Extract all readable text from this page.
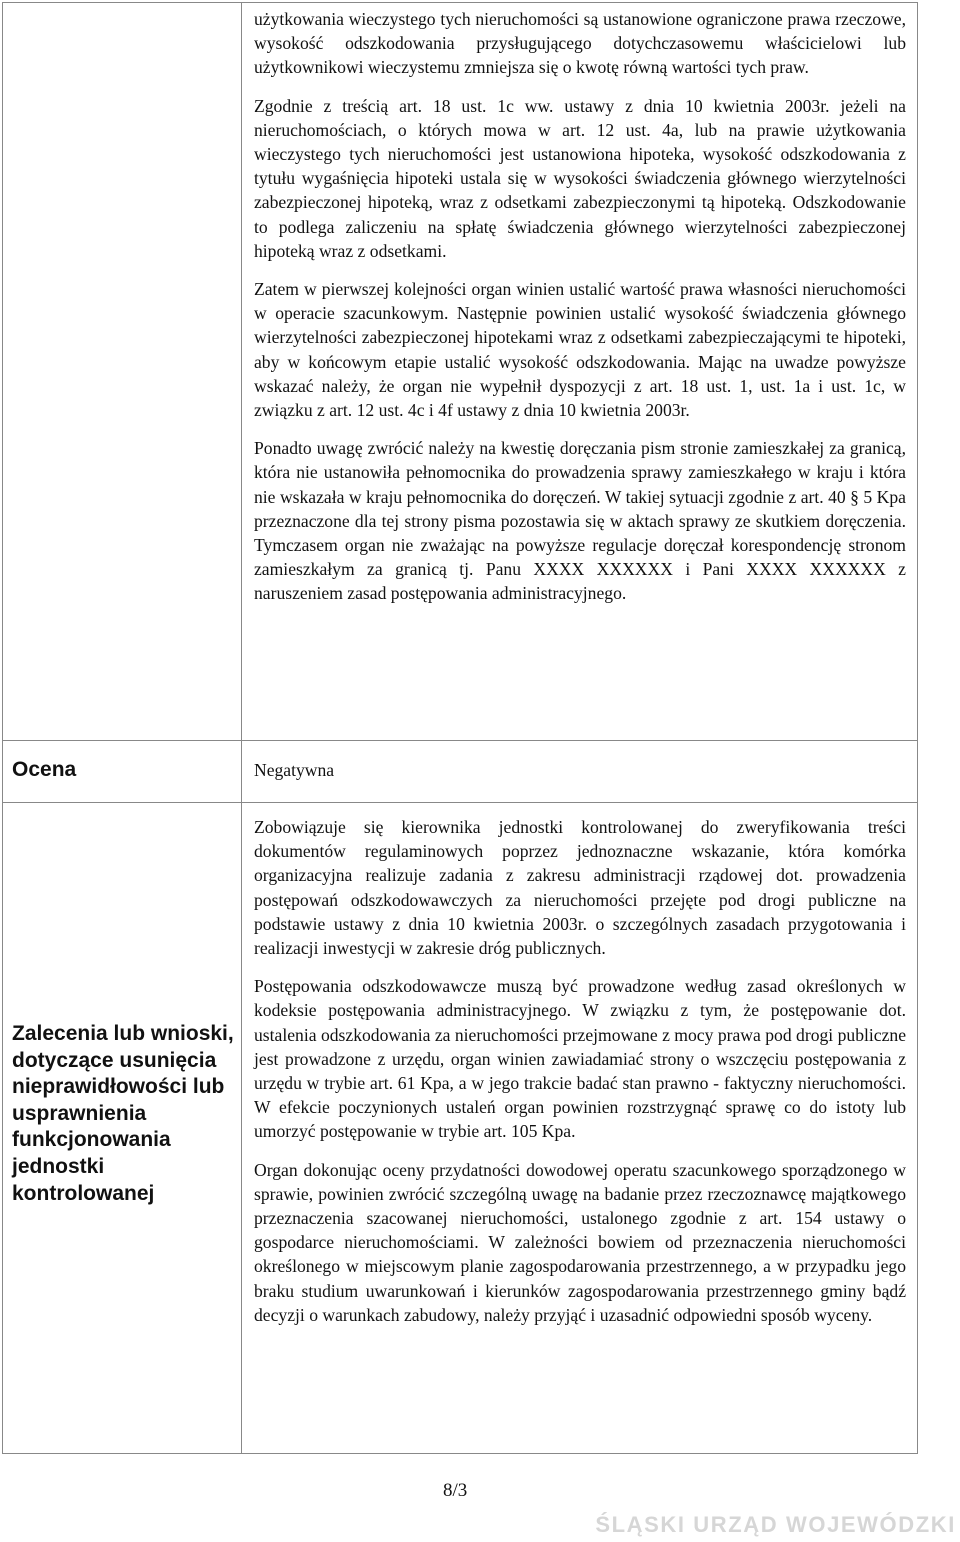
użytkowania wieczystego tych nieruchomości są ustanowione ograniczone prawa rzeczowe, wysokość odszkodowania przysługującego dotychczasowemu właścicielowi lub użytkownikowi wieczystemu zmniejsza się o kwotę równą wartości tych praw.

Zgodnie z treścią art. 18 ust. 1c ww. ustawy z dnia 10 kwietnia 2003r. jeżeli na nieruchomościach, o których mowa w art. 12 ust. 4a, lub na prawie użytkowania wieczystego tych nieruchomości jest ustanowiona hipoteka, wysokość odszkodowania z tytułu wygaśnięcia hipoteki ustala się w wysokości świadczenia głównego wierzytelności zabezpieczonej hipoteką, wraz z odsetkami zabezpieczonymi tą hipoteką. Odszkodowanie to podlega zaliczeniu na spłatę świadczenia głównego wierzytelności zabezpieczonej hipoteką wraz z odsetkami.

Zatem w pierwszej kolejności organ winien ustalić wartość prawa własności nieruchomości w operacie szacunkowym. Następnie powinien ustalić wysokość świadczenia głównego wierzytelności zabezpieczonej hipotekami wraz z odsetkami zabezpieczającymi te hipoteki, aby w końcowym etapie ustalić wysokość odszkodowania. Mając na uwadze powyższe wskazać należy, że organ nie wypełnił dyspozycji z art. 18 ust. 1, ust. 1a i ust. 1c, w związku z art. 12 ust. 4c i 4f ustawy z dnia 10 kwietnia 2003r.

Ponadto uwagę zwrócić należy na kwestię doręczania pism stronie zamieszkałej za granicą, która nie ustanowiła pełnomocnika do prowadzenia sprawy zamieszkałego w kraju i która nie wskazała w kraju pełnomocnika do doręczeń. W takiej sytuacji zgodnie z art. 40 § 5 Kpa przeznaczone dla tej strony pisma pozostawia się w aktach sprawy ze skutkiem doręczenia. Tymczasem organ nie zważając na powyższe regulacje doręczał korespondencję stronom zamieszkałym za granicą tj. Panu XXXX XXXXXX i Pani XXXX XXXXXX z naruszeniem zasad postępowania administracyjnego.

Ocena	Negatywna
Zalecenia lub wnioski, dotyczące usunięcia nieprawidłowości lub usprawnienia funkcjonowania jednostki kontrolowanej

Zobowiązuje się kierownika jednostki kontrolowanej do zweryfikowania treści dokumentów regulaminowych poprzez jednoznaczne wskazanie, która komórka organizacyjna realizuje zadania z zakresu administracji rządowej dot. prowadzenia postępowań odszkodowawczych za nieruchomości przejęte pod drogi publiczne na podstawie ustawy z dnia 10 kwietnia 2003r. o szczególnych zasadach przygotowania i realizacji inwestycji w zakresie dróg publicznych.

Postępowania odszkodowawcze muszą być prowadzone według zasad określonych w kodeksie postępowania administracyjnego. W związku z tym, że postępowanie dot. ustalenia odszkodowania za nieruchomości przejmowane z mocy prawa pod drogi publiczne jest prowadzone z urzędu, organ winien zawiadamiać strony o wszczęciu postępowania z urzędu w trybie art. 61 Kpa, a w jego trakcie badać stan prawno - faktyczny nieruchomości. W efekcie poczynionych ustaleń organ powinien rozstrzygnąć sprawę co do istoty lub umorzyć postępowanie w trybie art. 105 Kpa.

Organ dokonując oceny przydatności dowodowej operatu szacunkowego sporządzonego w sprawie, powinien zwrócić szczególną uwagę na badanie przez rzeczoznawcę majątkowego przeznaczenia szacowanej nieruchomości, ustalonego zgodnie z art. 154 ustawy o gospodarce nieruchomościami. W zależności bowiem od przeznaczenia nieruchomości określonego w miejscowym planie zagospodarowania przestrzennego, a w przypadku jego braku studium uwarunkowań i kierunków zagospodarowania przestrzennego gminy bądź decyzji o warunkach zabudowy, należy przyjąć i uzasadnić odpowiedni sposób wyceny.

8/3
ŚLĄSKI URZĄD WOJEWÓDZKI
